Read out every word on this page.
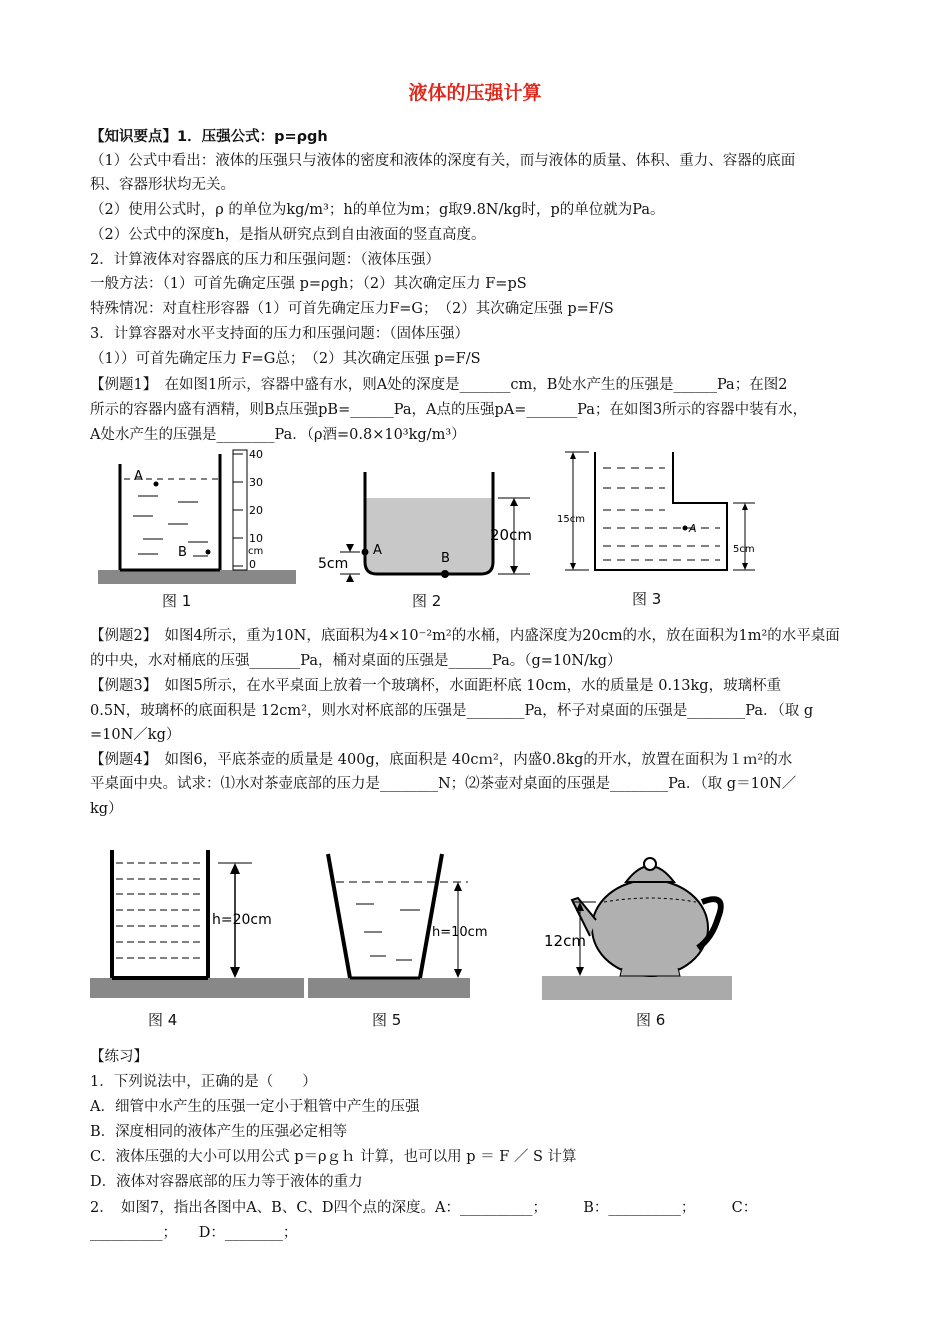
液体的压强计算
【知识要点】1．压强公式：p=ρgh
（1）公式中看出：液体的压强只与液体的密度和液体的深度有关，而与液体的质量、体积、重力、容器的底面
积、容器形状均无关。
（2）使用公式时，ρ 的单位为kg/m³；h的单位为m；g取9.8N/kg时，p的单位就为Pa。
（2）公式中的深度h，是指从研究点到自由液面的竖直高度。
2．计算液体对容器底的压力和压强问题：（液体压强）
一般方法：（1）可首先确定压强 p=ρgh；（2）其次确定压力 F=pS
特殊情况：对直柱形容器（1）可首先确定压力F=G；　（2）其次确定压强 p=F/S
3．计算容器对水平支持面的压力和压强问题：（固体压强）
（1））可首先确定压力 F=G总；　（2）其次确定压强 p=F/S
【例题1】　在如图1所示，容器中盛有水，则A处的深度是_______cm，B处水产生的压强是______Pa；在图2
所示的容器内盛有酒精，则B点压强pB=______Pa，A点的压强pA=_______Pa；在如图3所示的容器中装有水，
A处水产生的压强是________Pa．（ρ酒=0.8×10³kg/m³）
A
B
40
30
20
10
cm
0
图 1
20cm
A
B
5cm
图 2
15cm
A
5cm
图 3
【例题2】　如图4所示，重为10N，底面积为4×10⁻²m²的水桶，内盛深度为20cm的水，放在面积为1m²的水平桌面
的中央，水对桶底的压强_______Pa，桶对桌面的压强是______Pa。（g=10N/kg）
【例题3】　如图5所示，在水平桌面上放着一个玻璃杯，水面距杯底 10cm，水的质量是 0.13kg，玻璃杯重
0.5N，玻璃杯的底面积是 12cm²，则水对杯底部的压强是________Pa，杯子对桌面的压强是________Pa．（取 g
=10N／kg）
【例题4】　如图6，平底茶壶的质量是 400g，底面积是 40cｍ²，内盛0.8kg的开水，放置在面积为１ｍ²的水
平桌面中央。试求：⑴水对茶壶底部的压力是________N；⑵茶壶对桌面的压强是________Pa．（取 g＝10N／
kg）
h=20cm
图 4
h=10cm
图 5
12cm
图 6
【练习】
1．下列说法中，正确的是（　　）
A．细管中水产生的压强一定小于粗管中产生的压强
B．深度相同的液体产生的压强必定相等
C．液体压强的大小可以用公式 p＝ρｇｈ 计算，也可以用 p ＝ F ／ S 计算
D．液体对容器底部的压力等于液体的重力
2．　如图7，指出各图中A、B、C、D四个点的深度。A：__________；　　　B：__________；　　　C：
__________；　　D：________；
